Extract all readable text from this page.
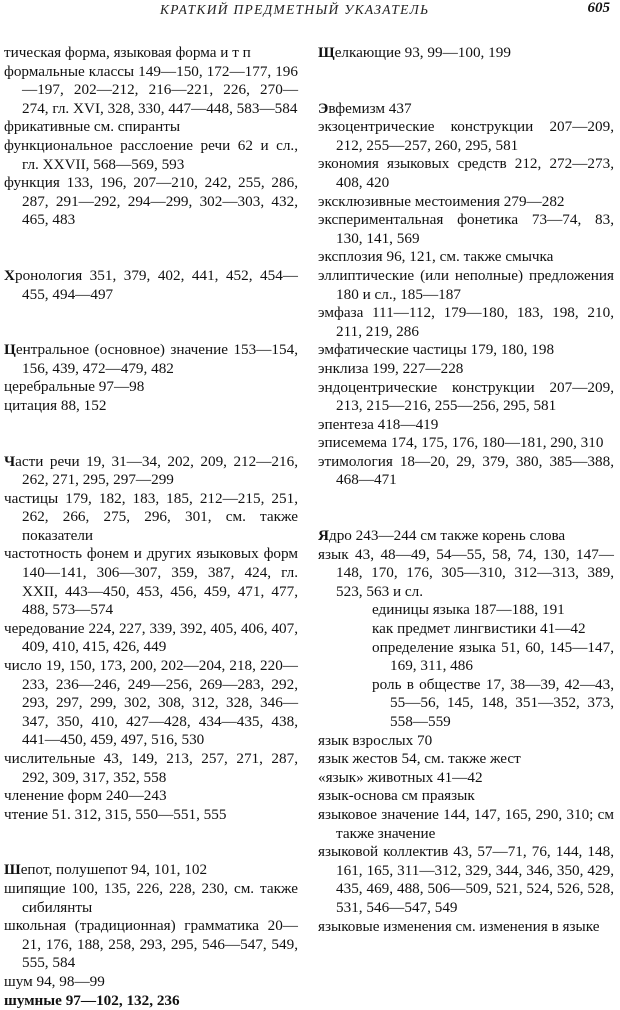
КРАТКИЙ ПРЕДМЕТНЫЙ УКАЗАТЕЛЬ	605

тическая форма, языковая форма и т п

формальные классы 149—150, 172—177, 196—197, 202—212, 216—221, 226, 270—274, гл. XVI, 328, 330, 447—448, 583—584

фрикативные см. спиранты

функциональное расслоение речи 62 и сл., гл. XXVII, 568—569, 593

функция 133, 196, 207—210, 242, 255, 286, 287, 291—292, 294—299, 302—303, 432, 465, 483

Хронология 351, 379, 402, 441, 452, 454—455, 494—497

Центральное (основное) значение 153—154, 156, 439, 472—479, 482

церебральные 97—98

цитация 88, 152

Части речи 19, 31—34, 202, 209, 212—216, 262, 271, 295, 297—299

частицы 179, 182, 183, 185, 212—215, 251, 262, 266, 275, 296, 301, см. также показатели

частотность фонем и других языковых форм 140—141, 306—307, 359, 387, 424, гл. XXII, 443—450, 453, 456, 459, 471, 477, 488, 573—574

чередование 224, 227, 339, 392, 405, 406, 407, 409, 410, 415, 426, 449

число 19, 150, 173, 200, 202—204, 218, 220—233, 236—246, 249—256, 269—283, 292, 293, 297, 299, 302, 308, 312, 328, 346—347, 350, 410, 427—428, 434—435, 438, 441—450, 459, 497, 516, 530

числительные 43, 149, 213, 257, 271, 287, 292, 309, 317, 352, 558

членение форм 240—243

чтение 51. 312, 315, 550—551, 555

Шепот, полушепот 94, 101, 102

шипящие 100, 135, 226, 228, 230, см. также сибилянты

школьная (традиционная) грамматика 20—21, 176, 188, 258, 293, 295, 546—547, 549, 555, 584

шум 94, 98—99

шумные 97—102, 132, 236

Щелкающие 93, 99—100, 199

Эвфемизм 437

экзоцентрические конструкции 207—209, 212, 255—257, 260, 295, 581

экономия языковых средств 212, 272—273, 408, 420

эксклюзивные местоимения 279—282

экспериментальная фонетика 73—74, 83, 130, 141, 569

эксплозия 96, 121, см. также смычка

эллиптические (или неполные) предложения 180 и сл., 185—187

эмфаза 111—112, 179—180, 183, 198, 210, 211, 219, 286

эмфатические частицы 179, 180, 198

энклиза 199, 227—228

эндоцентрические конструкции 207—209, 213, 215—216, 255—256, 295, 581

эпентеза 418—419

эписемема 174, 175, 176, 180—181, 290, 310

этимология 18—20, 29, 379, 380, 385—388, 468—471

Ядро 243—244 см также корень слова

язык 43, 48—49, 54—55, 58, 74, 130, 147—148, 170, 176, 305—310, 312—313, 389, 523, 563 и сл.

единицы языка 187—188, 191

как предмет лингвистики 41—42

определение языка 51, 60, 145—147, 169, 311, 486

роль в обществе 17, 38—39, 42—43, 55—56, 145, 148, 351—352, 373, 558—559

язык взрослых 70

язык жестов 54, см. также жест

«язык» животных 41—42

язык-основа см праязык

языковое значение 144, 147, 165, 290, 310; см также значение

языковой коллектив 43, 57—71, 76, 144, 148, 161, 165, 311—312, 329, 344, 346, 350, 429, 435, 469, 488, 506—509, 521, 524, 526, 528, 531, 546—547, 549

языковые изменения см. изменения в языке
